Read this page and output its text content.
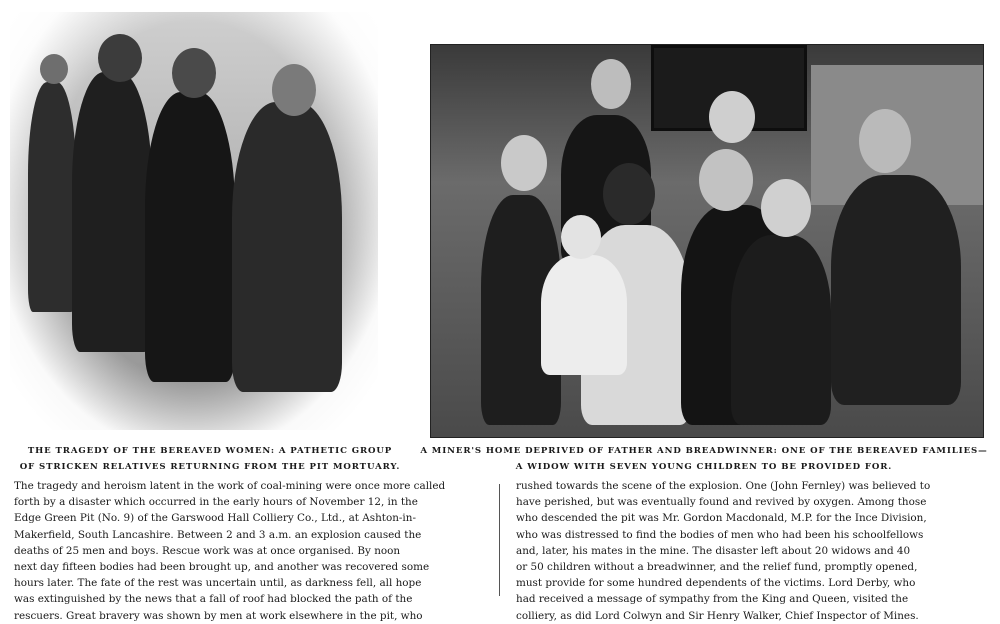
THE TRAGEDY OF THE BEREAVED WOMEN: A PATHETIC GROUP
OF STRICKEN RELATIVES RETURNING FROM THE PIT MORTUARY.
A MINER'S HOME DEPRIVED OF FATHER AND BREADWINNER: ONE OF THE BEREAVED FAMILIES—
A WIDOW WITH SEVEN YOUNG CHILDREN TO BE PROVIDED FOR.
The tragedy and heroism latent in the work of coal-mining were once more called
forth by a disaster which occurred in the early hours of November 12, in the
Edge Green Pit (No. 9) of the Garswood Hall Colliery Co., Ltd., at Ashton-in-
Makerfield, South Lancashire. Between 2 and 3 a.m. an explosion caused the
deaths of 25 men and boys. Rescue work was at once organised. By noon
next day fifteen bodies had been brought up, and another was recovered some
hours later. The fate of the rest was uncertain until, as darkness fell, all hope
was extinguished by the news that a fall of roof had blocked the path of the
rescuers. Great bravery was shown by men at work elsewhere in the pit, who
rushed towards the scene of the explosion. One (John Fernley) was believed to
have perished, but was eventually found and revived by oxygen. Among those
who descended the pit was Mr. Gordon Macdonald, M.P. for the Ince Division,
who was distressed to find the bodies of men who had been his schoolfellows
and, later, his mates in the mine. The disaster left about 20 widows and 40
or 50 children without a breadwinner, and the relief fund, promptly opened,
must provide for some hundred dependents of the victims. Lord Derby, who
had received a message of sympathy from the King and Queen, visited the
colliery, as did Lord Colwyn and Sir Henry Walker, Chief Inspector of Mines.
